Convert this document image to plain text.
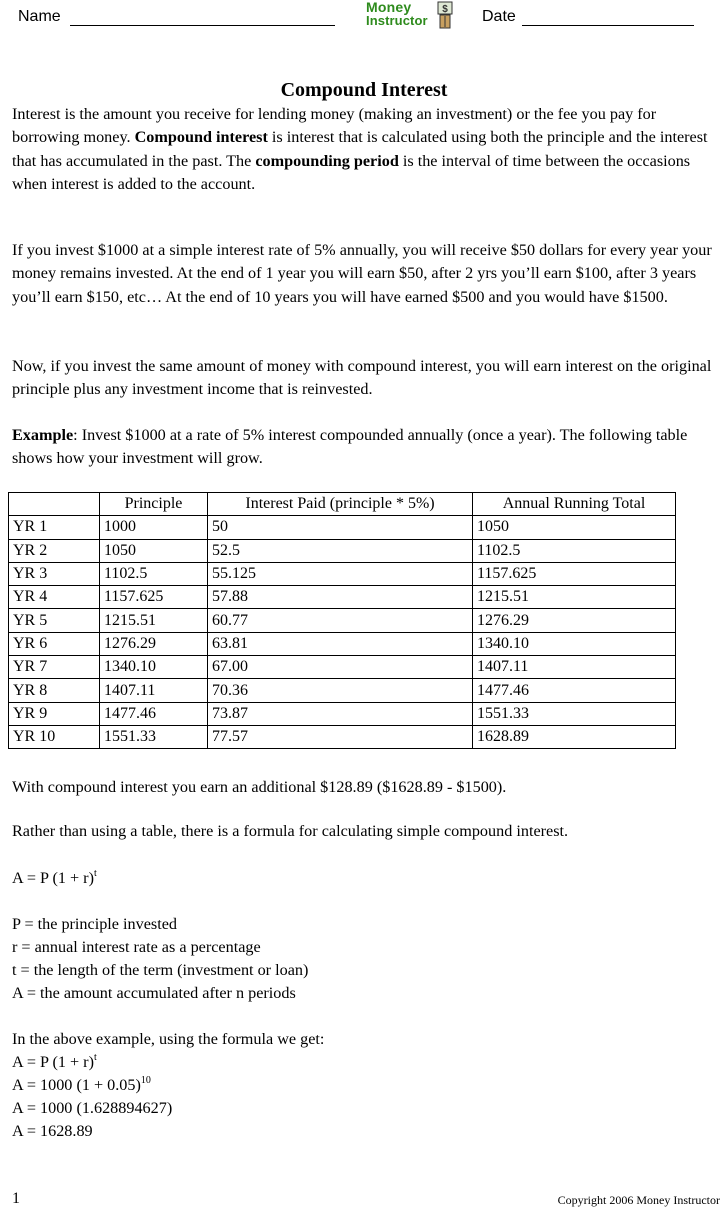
Name
Money
Instructor
$ Date
Compound Interest

Interest is the amount you receive for lending money (making an investment) or the fee you pay for borrowing money. Compound interest is interest that is calculated using both the principle and the interest that has accumulated in the past. The compounding period is the interval of time between the occasions when interest is added to the account.

If you invest $1000 at a simple interest rate of 5% annually, you will receive $50 dollars for every year your money remains invested. At the end of 1 year you will earn $50, after 2 yrs you’ll earn $100, after 3 years you’ll earn $150, etc… At the end of 10 years you will have earned $500 and you would have $1500.

Now, if you invest the same amount of money with compound interest, you will earn interest on the original principle plus any investment income that is reinvested.

Example: Invest $1000 at a rate of 5% interest compounded annually (once a year). The following table shows how your investment will grow.

	Principle	Interest Paid (principle * 5%)	Annual Running Total
YR 1	1000	50	1050
YR 2	1050	52.5	1102.5
YR 3	1102.5	55.125	1157.625
YR 4	1157.625	57.88	1215.51
YR 5	1215.51	60.77	1276.29
YR 6	1276.29	63.81	1340.10
YR 7	1340.10	67.00	1407.11
YR 8	1407.11	70.36	1477.46
YR 9	1477.46	73.87	1551.33
YR 10	1551.33	77.57	1628.89

With compound interest you earn an additional $128.89 ($1628.89 - $1500).

Rather than using a table, there is a formula for calculating simple compound interest.

A = P $(1 + r)^t$

P = the principle invested

r = annual interest rate as a percentage

t = the length of the term (investment or loan)

A = the amount accumulated after n periods

In the above example, using the formula we get:

A = P $(1 + r)^t$

A = 1000 $(1 + 0.05)^{10}$

A = 1000 (1.628894627)

A = 1628.89

1	Copyright 2006 Money Instructor
